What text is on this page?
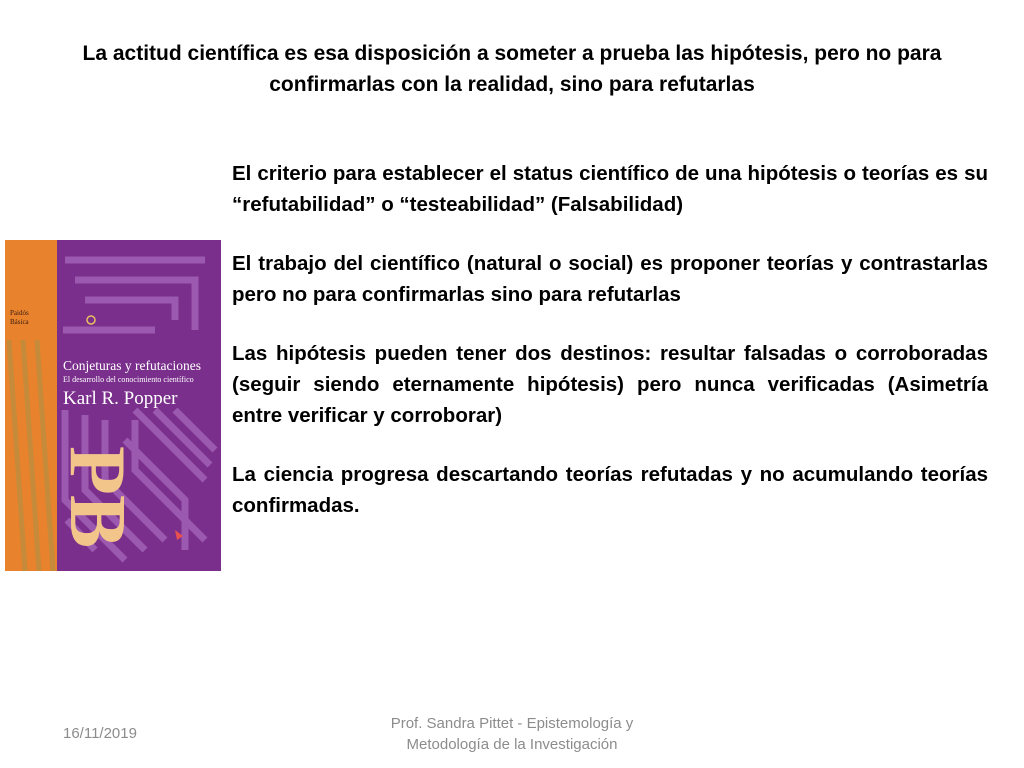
La actitud científica es esa disposición a someter a prueba las hipótesis, pero no para confirmarlas con la realidad, sino para refutarlas
Paidós
Básica
PB
Conjeturas y refutaciones
El desarrollo del conocimiento científico
Karl R. Popper

El criterio para establecer el status científico de una hipótesis o teorías es su “refutabilidad” o “testeabilidad” (Falsabilidad)

El trabajo del científico (natural o social) es proponer teorías y contrastarlas pero no para confirmarlas sino para refutarlas

Las hipótesis pueden tener dos destinos: resultar falsadas o corroboradas (seguir siendo eternamente hipótesis) pero nunca verificadas (Asimetría entre verificar y corroborar)

La ciencia progresa descartando teorías refutadas y no acumulando teorías confirmadas.

16/11/2019
Prof. Sandra Pittet - Epistemología y
Metodología de la Investigación
